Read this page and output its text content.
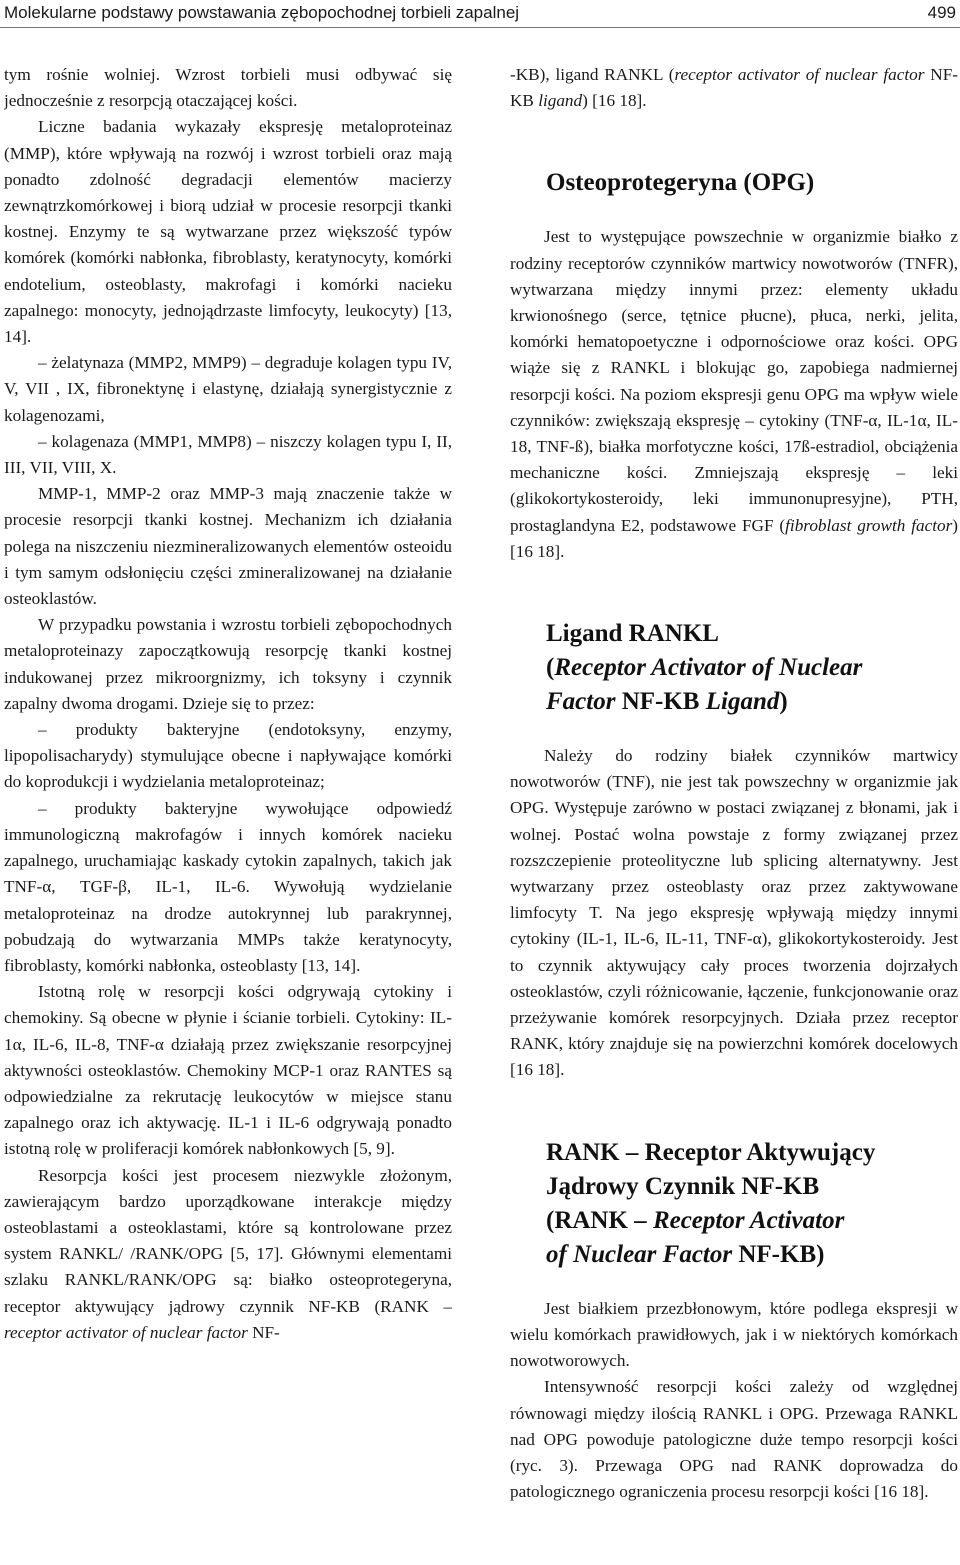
Molekularne podstawy powstawania zębopochodnej torbieli zapalnej	499

tym rośnie wolniej. Wzrost torbieli musi odbywać się jednocześnie z resorpcją otaczającej kości.

Liczne badania wykazały ekspresję metaloproteinaz (MMP), które wpływają na rozwój i wzrost torbieli oraz mają ponadto zdolność degradacji elementów macierzy zewnątrzkomórkowej i biorą udział w procesie resorpcji tkanki kostnej. Enzymy te są wytwarzane przez większość typów komórek (komórki nabłonka, fibroblasty, keratynocyty, komórki endotelium, osteoblasty, makrofagi i komórki nacieku zapalnego: monocyty, jednojądrzaste limfocyty, leukocyty) [13, 14].

– żelatynaza (MMP2, MMP9) – degraduje kolagen typu IV, V, VII , IX, fibronektynę i elastynę, działają synergistycznie z kolagenozami,

– kolagenaza (MMP1, MMP8) – niszczy kolagen typu I, II, III, VII, VIII, X.

MMP-1, MMP-2 oraz MMP-3 mają znaczenie także w procesie resorpcji tkanki kostnej. Mechanizm ich działania polega na niszczeniu niezmineralizowanych elementów osteoidu i tym samym odsłonięciu części zmineralizowanej na działanie osteoklastów.

W przypadku powstania i wzrostu torbieli zębopochodnych metaloproteinazy zapoczątkowują resorpcję tkanki kostnej indukowanej przez mikroorgnizmy, ich toksyny i czynnik zapalny dwoma drogami. Dzieje się to przez:

– produkty bakteryjne (endotoksyny, enzymy, lipopolisacharydy) stymulujące obecne i napływające komórki do koprodukcji i wydzielania metaloproteinaz;

– produkty bakteryjne wywołujące odpowiedź immunologiczną makrofagów i innych komórek nacieku zapalnego, uruchamiając kaskady cytokin zapalnych, takich jak TNF-α, TGF-β, IL-1, IL-6. Wywołują wydzielanie metaloproteinaz na drodze autokrynnej lub parakrynnej, pobudzają do wytwarzania MMPs także keratynocyty, fibroblasty, komórki nabłonka, osteoblasty [13, 14].

Istotną rolę w resorpcji kości odgrywają cytokiny i chemokiny. Są obecne w płynie i ścianie torbieli. Cytokiny: IL-1α, IL-6, IL-8, TNF-α działają przez zwiększanie resorpcyjnej aktywności osteoklastów. Chemokiny MCP-1 oraz RANTES są odpowiedzialne za rekrutację leukocytów w miejsce stanu zapalnego oraz ich aktywację. IL-1 i IL-6 odgrywają ponadto istotną rolę w proliferacji komórek nabłonkowych [5, 9].

Resorpcja kości jest procesem niezwykle złożonym, zawierającym bardzo uporządkowane interakcje między osteoblastami a osteoklastami, które są kontrolowane przez system RANKL/ /RANK/OPG [5, 17]. Głównymi elementami szlaku RANKL/RANK/OPG są: białko osteoprotegeryna, receptor aktywujący jądrowy czynnik NF-KB (RANK – receptor activator of nuclear factor NF-

-KB), ligand RANKL (receptor activator of nuclear factor NF-KB ligand) [16 18].

Osteoprotegeryna (OPG)

Jest to występujące powszechnie w organizmie białko z rodziny receptorów czynników martwicy nowotworów (TNFR), wytwarzana między innymi przez: elementy układu krwionośnego (serce, tętnice płucne), płuca, nerki, jelita, komórki hematopoetyczne i odpornościowe oraz kości. OPG wiąże się z RANKL i blokując go, zapobiega nadmiernej resorpcji kości. Na poziom ekspresji genu OPG ma wpływ wiele czynników: zwiększają ekspresję – cytokiny (TNF-α, IL-1α, IL-18, TNF-ß), białka morfotyczne kości, 17ß-estradiol, obciążenia mechaniczne kości. Zmniejszają ekspresję – leki (glikokortykosteroidy, leki immunonupresyjne), PTH, prostaglandyna E2, podstawowe FGF (fibroblast growth factor) [16 18].

Ligand RANKL
(Receptor Activator of Nuclear
Factor NF-KB Ligand)

Należy do rodziny białek czynników martwicy nowotworów (TNF), nie jest tak powszechny w organizmie jak OPG. Występuje zarówno w postaci związanej z błonami, jak i wolnej. Postać wolna powstaje z formy związanej przez rozszczepienie proteolityczne lub splicing alternatywny. Jest wytwarzany przez osteoblasty oraz przez zaktywowane limfocyty T. Na jego ekspresję wpływają między innymi cytokiny (IL-1, IL-6, IL-11, TNF-α), glikokortykosteroidy. Jest to czynnik aktywujący cały proces tworzenia dojrzałych osteoklastów, czyli różnicowanie, łączenie, funkcjonowanie oraz przeżywanie komórek resorpcyjnych. Działa przez receptor RANK, który znajduje się na powierzchni komórek docelowych [16 18].

RANK – Receptor Aktywujący
Jądrowy Czynnik NF-KB
(RANK – Receptor Activator
of Nuclear Factor NF-KB)

Jest białkiem przezbłonowym, które podlega ekspresji w wielu komórkach prawidłowych, jak i w niektórych komórkach nowotworowych.

Intensywność resorpcji kości zależy od względnej równowagi między ilością RANKL i OPG. Przewaga RANKL nad OPG powoduje patologiczne duże tempo resorpcji kości (ryc. 3). Przewaga OPG nad RANK doprowadza do patologicznego ograniczenia procesu resorpcji kości [16 18].
